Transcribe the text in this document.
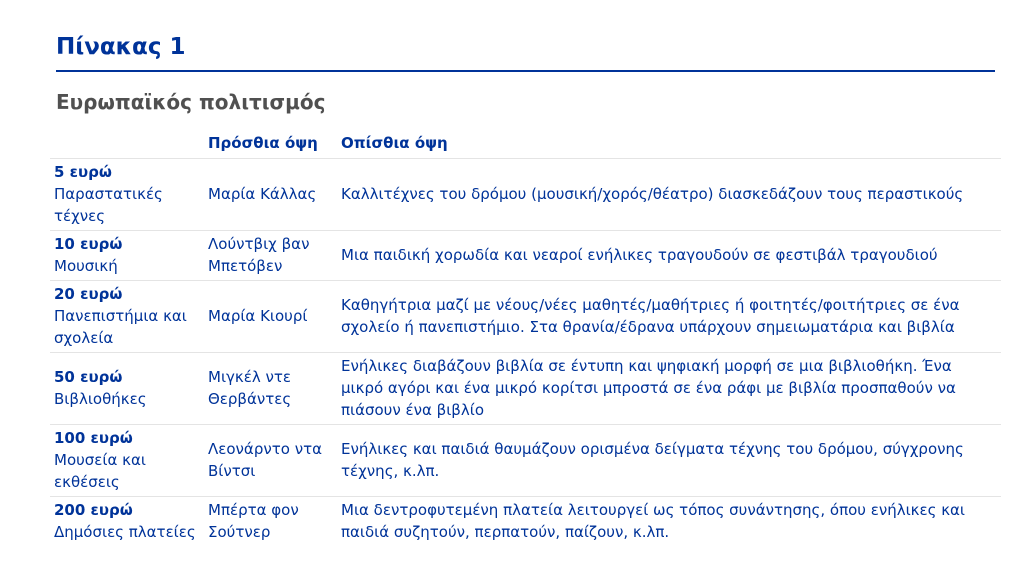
Πίνακας 1
Ευρωπαϊκός πολιτισμός
	Πρόσθια όψη	Οπίσθια όψη

5 ευρώ
Παραστατικές τέχνες	Μαρία Κάλλας	Καλλιτέχνες του δρόμου (μουσική/χορός/θέατρο) διασκεδάζουν τους περαστικούς

10 ευρώ
Μουσική	Λούντβιχ βαν Μπετόβεν	Μια παιδική χορωδία και νεαροί ενήλικες τραγουδούν σε φεστιβάλ τραγουδιού

20 ευρώ
Πανεπιστήμια και σχολεία	Μαρία Κιουρί	Καθηγήτρια μαζί με νέους/νέες μαθητές/μαθήτριες ή φοιτητές/φοιτήτριες σε ένα σχολείο ή πανεπιστήμιο. Στα θρανία/έδρανα υπάρχουν σημειωματάρια και βιβλία

50 ευρώ
Βιβλιοθήκες	Μιγκέλ ντε Θερβάντες	Ενήλικες διαβάζουν βιβλία σε έντυπη και ψηφιακή μορφή σε μια βιβλιοθήκη. Ένα μικρό αγόρι και ένα μικρό κορίτσι μπροστά σε ένα ράφι με βιβλία προσπαθούν να πιάσουν ένα βιβλίο

100 ευρώ
Μουσεία και εκθέσεις	Λεονάρντο ντα Βίντσι	Ενήλικες και παιδιά θαυμάζουν ορισμένα δείγματα τέχνης του δρόμου, σύγχρονης τέχνης, κ.λπ.

200 ευρώ
Δημόσιες πλατείες	Μπέρτα φον Σούτνερ	Μια δεντροφυτεμένη πλατεία λειτουργεί ως τόπος συνάντησης, όπου ενήλικες και παιδιά συζητούν, περπατούν, παίζουν, κ.λπ.
